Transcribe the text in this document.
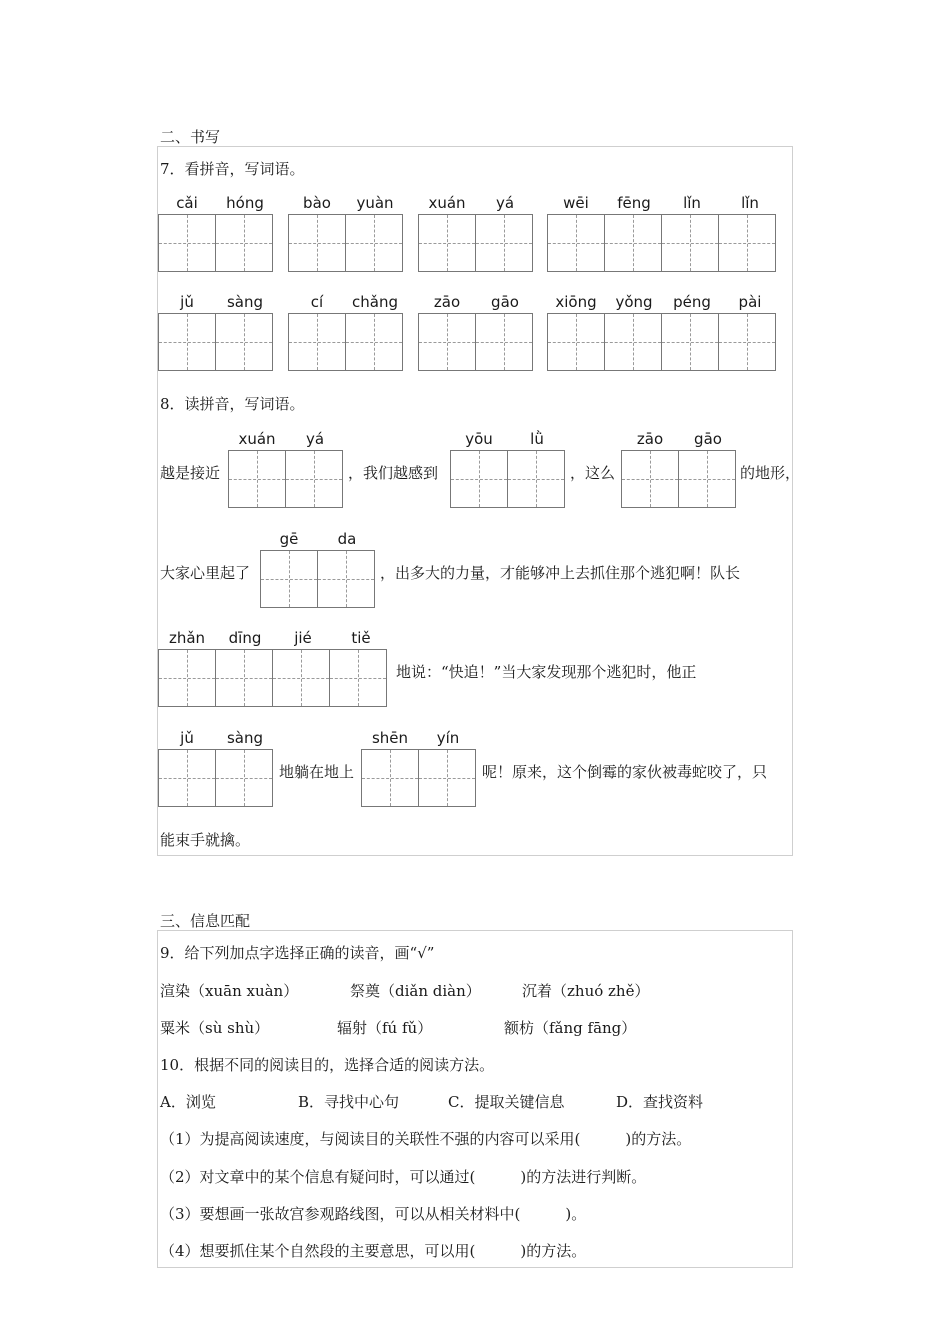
二、书写
7．看拼音，写词语。
cǎi	hóng	bào	yuàn	xuán	yá	wēi	fēng	lǐn	lǐn
jǔ	sàng	cí	chǎng	zāo	gāo	xiōng	yǒng	péng	pài
8．读拼音，写词语。
越是接近
xuán	yá
，我们越感到
yōu	lǜ
，这么
zāo	gāo
的地形，
大家心里起了
gē	da
，出多大的力量，才能够冲上去抓住那个逃犯啊！队长
zhǎn	dīng	jié	tiě
地说：“快追！”当大家发现那个逃犯时，他正
jǔ	sàng
地躺在地上
shēn	yín
呢！原来，这个倒霉的家伙被毒蛇咬了，只
能束手就擒。
三、信息匹配
9．给下列加点字选择正确的读音，画“√”
渲染（xuān xuàn）	祭奠（diǎn diàn）	沉着（zhuó zhě）
粟米（sù shù）	辐射（fú fǔ）	额枋（fǎng fāng）
10．根据不同的阅读目的，选择合适的阅读方法。
A．浏览	B．寻找中心句	C．提取关键信息	D．查找资料
（1）为提高阅读速度，与阅读目的关联性不强的内容可以采用(　　　)的方法。
（2）对文章中的某个信息有疑问时，可以通过(　　　)的方法进行判断。
（3）要想画一张故宫参观路线图，可以从相关材料中(　　　)。
（4）想要抓住某个自然段的主要意思，可以用(　　　)的方法。
